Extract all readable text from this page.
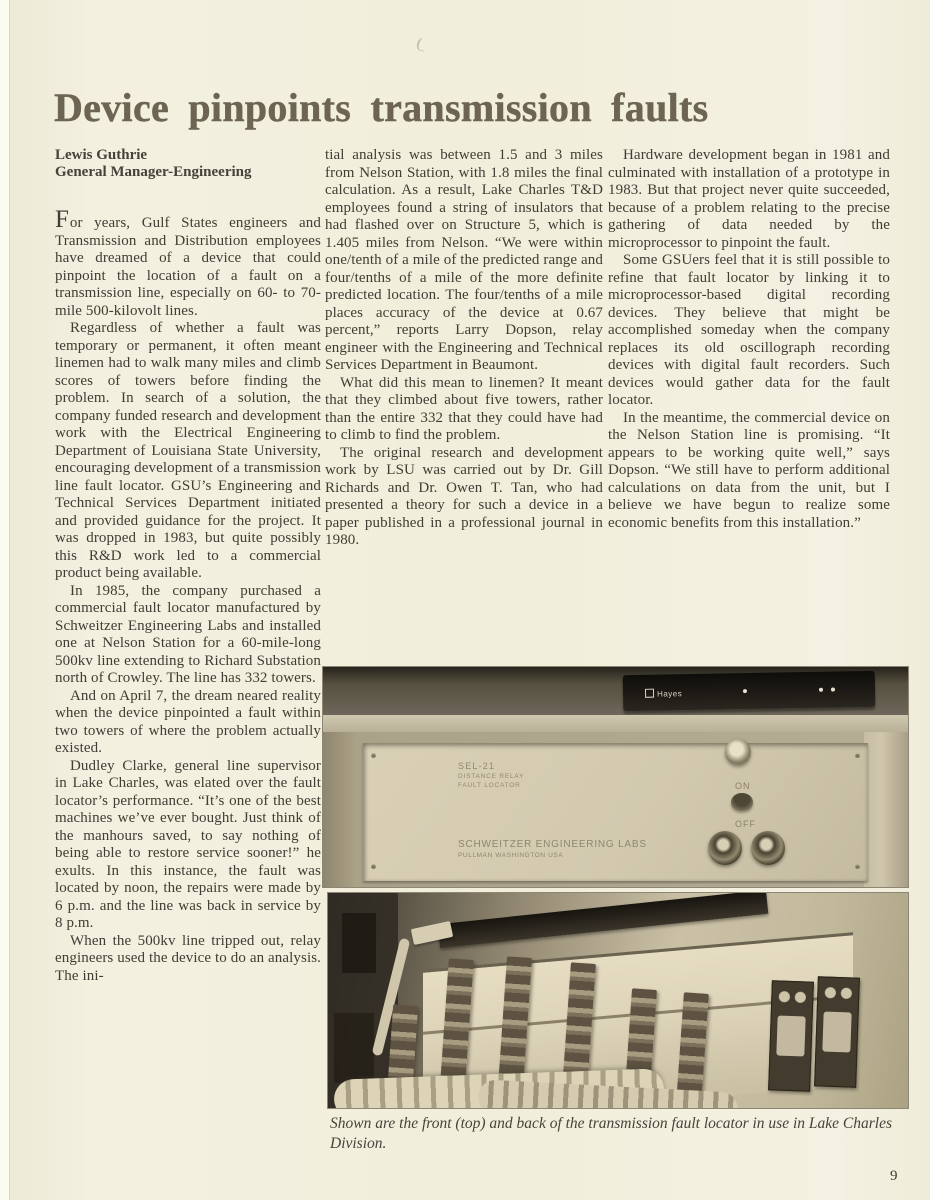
Device pinpoints transmission faults
Lewis Guthrie
General Manager-Engineering

For years, Gulf States engineers and Transmission and Distribution employees have dreamed of a device that could pinpoint the location of a fault on a transmission line, especially on 60- to 70-mile 500-kilovolt lines.

Regardless of whether a fault was temporary or permanent, it often meant linemen had to walk many miles and climb scores of towers before finding the problem. In search of a solution, the company funded research and development work with the Electrical Engineering Department of Louisiana State University, encouraging development of a transmission line fault locator. GSU’s Engineering and Technical Services Department initiated and provided guidance for the project. It was dropped in 1983, but quite possibly this R&D work led to a commercial product being available.

In 1985, the company purchased a commercial fault locator manufactured by Schweitzer Engineering Labs and installed one at Nelson Station for a 60-mile-long 500kv line extending to Richard Substation north of Crowley. The line has 332 towers.

And on April 7, the dream neared reality when the device pinpointed a fault within two towers of where the problem actually existed.

Dudley Clarke, general line supervisor in Lake Charles, was elated over the fault locator’s performance. “It’s one of the best machines we’ve ever bought. Just think of the manhours saved, to say nothing of being able to restore service sooner!” he exults. In this instance, the fault was located by noon, the repairs were made by 6 p.m. and the line was back in service by 8 p.m.

When the 500kv line tripped out, relay engineers used the device to do an analysis. The ini-

tial analysis was between 1.5 and 3 miles from Nelson Station, with 1.8 miles the final calculation. As a result, Lake Charles T&D employees found a string of insulators that had flashed over on Structure 5, which is 1.405 miles from Nelson. “We were within one/tenth of a mile of the predicted range and four/tenths of a mile of the more definite predicted location. The four/tenths of a mile places accuracy of the device at 0.67 percent,” reports Larry Dopson, relay engineer with the Engineering and Technical Services Department in Beaumont.

What did this mean to linemen? It meant that they climbed about five towers, rather than the entire 332 that they could have had to climb to find the problem.

The original research and development work by LSU was carried out by Dr. Gill Richards and Dr. Owen T. Tan, who had presented a theory for such a device in a paper published in a professional journal in 1980.

Hardware development began in 1981 and culminated with installation of a prototype in 1983. But that project never quite succeeded, because of a problem relating to the precise gathering of data needed by the microprocessor to pinpoint the fault.

Some GSUers feel that it is still possible to refine that fault locator by linking it to microprocessor-based digital recording devices. They believe that might be accomplished someday when the company replaces its old oscillograph recording devices with digital fault recorders. Such devices would gather data for the fault locator.

In the meantime, the commercial device on the Nelson Station line is promising. “It appears to be working quite well,” says Dopson. “We still have to perform additional calculations on data from the unit, but I believe we have begun to realize some economic benefits from this installation.”

Hayes
SEL-21
DISTANCE RELAY
FAULT LOCATOR
SCHWEITZER ENGINEERING LABS
PULLMAN WASHINGTON USA
ON
OFF

Shown are the front (top) and back of the transmission fault locator in use in Lake Charles Division.

9
